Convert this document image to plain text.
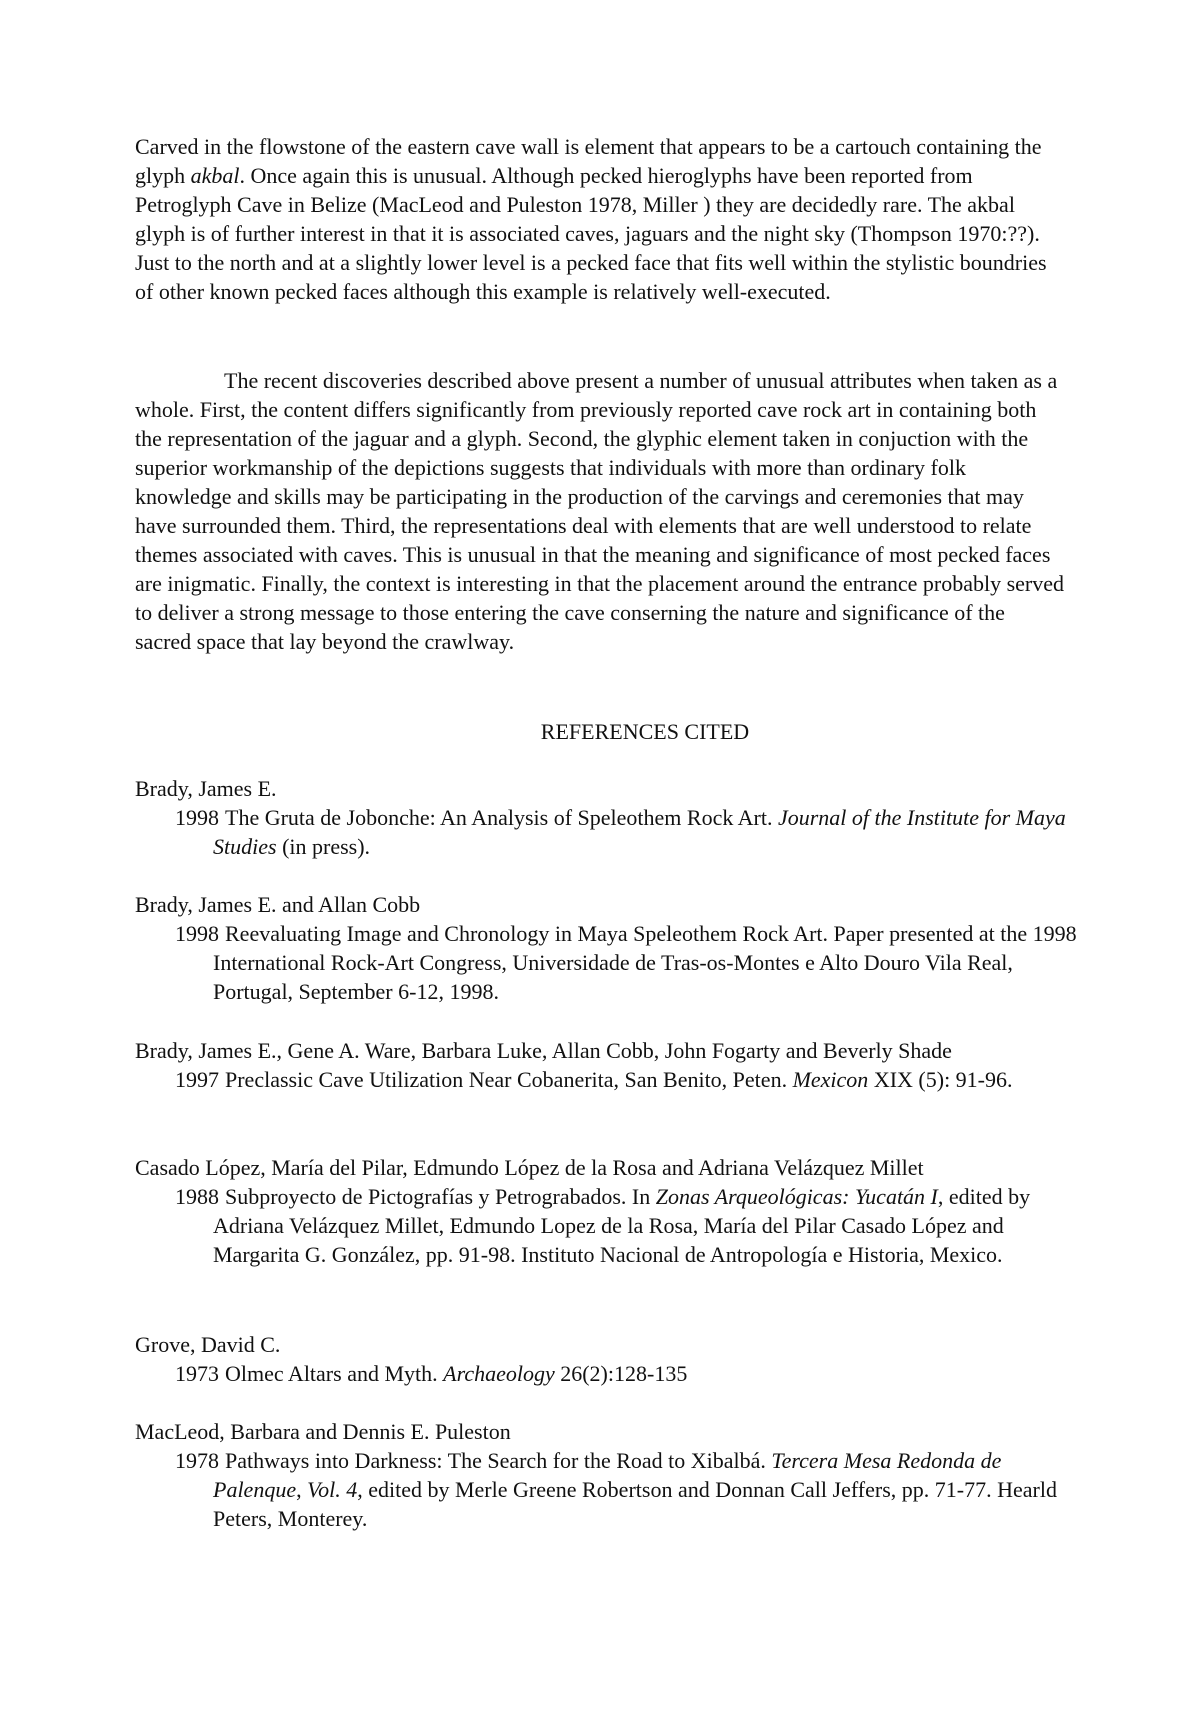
Carved in the flowstone of the eastern cave wall is element that appears to be a cartouch containing the glyph akbal. Once again this is unusual. Although pecked hieroglyphs have been reported from Petroglyph Cave in Belize (MacLeod and Puleston 1978, Miller ) they are decidedly rare. The akbal glyph is of further interest in that it is associated caves, jaguars and the night sky (Thompson 1970:??). Just to the north and at a slightly lower level is a pecked face that fits well within the stylistic boundries of other known pecked faces although this example is relatively well-executed.

The recent discoveries described above present a number of unusual attributes when taken as a whole. First, the content differs significantly from previously reported cave rock art in containing both the representation of the jaguar and a glyph. Second, the glyphic element taken in conjuction with the superior workmanship of the depictions suggests that individuals with more than ordinary folk knowledge and skills may be participating in the production of the carvings and ceremonies that may have surrounded them. Third, the representations deal with elements that are well understood to relate themes associated with caves. This is unusual in that the meaning and significance of most pecked faces are inigmatic. Finally, the context is interesting in that the placement around the entrance probably served to deliver a strong message to those entering the cave conserning the nature and significance of the sacred space that lay beyond the crawlway.

REFERENCES CITED

Brady, James E.

1998 The Gruta de Jobonche: An Analysis of Speleothem Rock Art. Journal of the Institute for Maya Studies (in press).

Brady, James E. and Allan Cobb

1998 Reevaluating Image and Chronology in Maya Speleothem Rock Art. Paper presented at the 1998 International Rock-Art Congress, Universidade de Tras-os-Montes e Alto Douro Vila Real, Portugal, September 6-12, 1998.

Brady, James E., Gene A. Ware, Barbara Luke, Allan Cobb, John Fogarty and Beverly Shade

1997 Preclassic Cave Utilization Near Cobanerita, San Benito, Peten. Mexicon XIX (5): 91-96.

Casado López, María del Pilar, Edmundo López de la Rosa and Adriana Velázquez Millet

1988 Subproyecto de Pictografías y Petrograbados. In Zonas Arqueológicas: Yucatán I, edited by Adriana Velázquez Millet, Edmundo Lopez de la Rosa, María del Pilar Casado López and Margarita G. González, pp. 91-98. Instituto Nacional de Antropología e Historia, Mexico.

Grove, David C.

1973 Olmec Altars and Myth. Archaeology 26(2):128-135

MacLeod, Barbara and Dennis E. Puleston

1978 Pathways into Darkness: The Search for the Road to Xibalbá. Tercera Mesa Redonda de Palenque, Vol. 4, edited by Merle Greene Robertson and Donnan Call Jeffers, pp. 71-77. Hearld Peters, Monterey.
